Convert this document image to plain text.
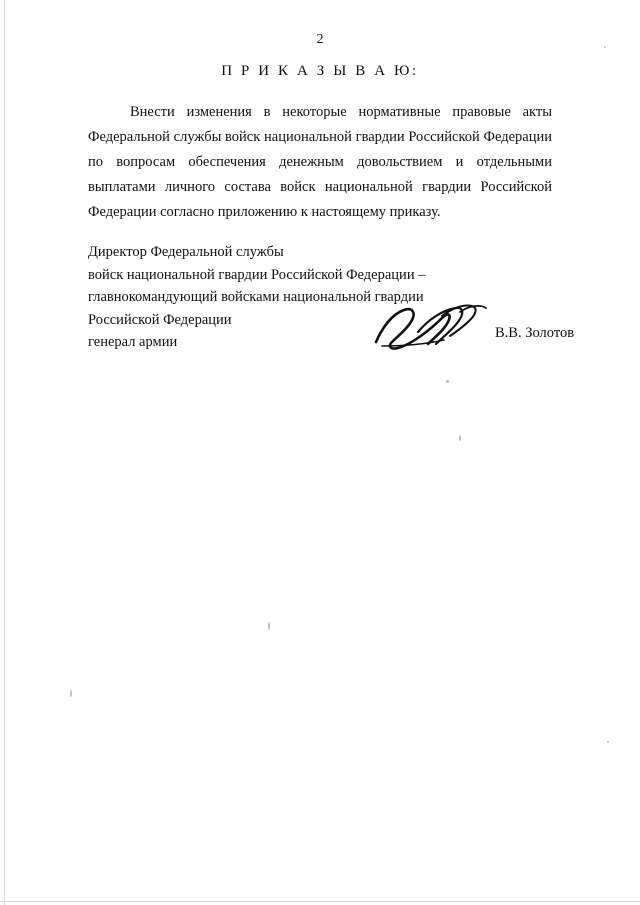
2
П Р И К А З Ы В А Ю:
Внести изменения в некоторые нормативные правовые акты Федеральной службы войск национальной гвардии Российской Федерации по вопросам обеспечения денежным довольствием и отдельными выплатами личного состава войск национальной гвардии Российской Федерации согласно приложению к настоящему приказу.
Директор Федеральной службы
войск национальной гвардии Российской Федерации –
главнокомандующий войсками национальной гвардии
Российской Федерации
генерал армии
В.В. Золотов
